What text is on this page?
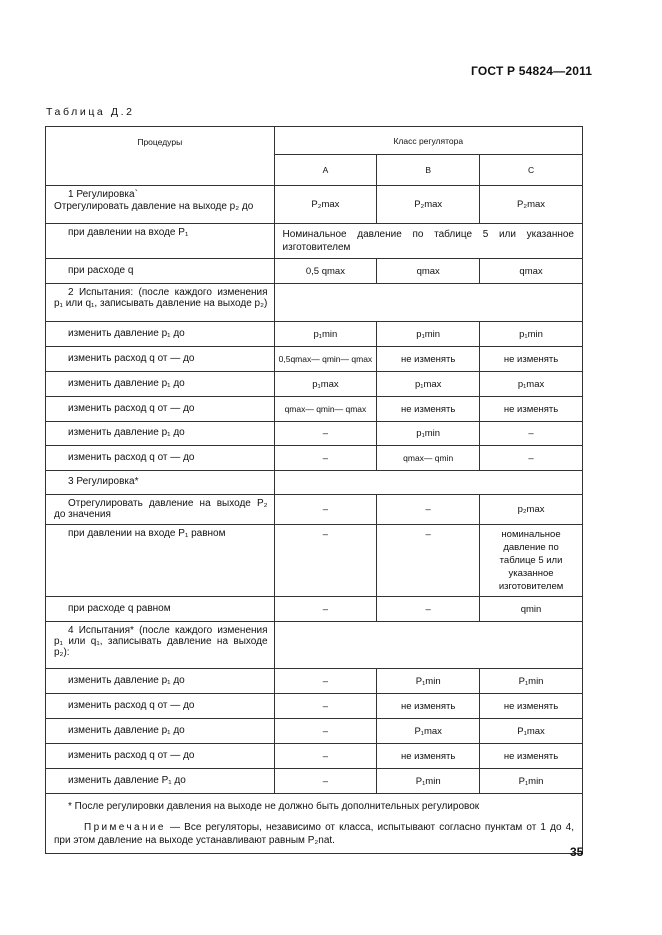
ГОСТ Р 54824—2011
Таблица Д.2
Процедуры	Класс регулятора		
	A	B	C

1 Регулировка`
Отрегулировать давление на выходе p₂ до	P₂max	P₂max	P₂max

при давлении на входе P₁	Номинальное давление по таблице 5 или указанное изготовителем		

при расходе q	0,5 qmax	qmax	qmax
2 Испытания: (после каждого изменения p₁ или q₁, записывать давление на выходе p₂)			

изменить давление p₁ до	p₁min	p₁min	p₁min

изменить расход q от — до	0,5qmax— qmin— qmax	не изменять	не изменять

изменить давление p₁ до	p₁max	p₁max	p₁max

изменить расход q от — до	qmax— qmin— qmax	не изменять	не изменять

изменить давление p₁ до	–	p₁min	–

изменить расход q от — до	–	qmax— qmin	–

3 Регулировка*			

Отрегулировать давление на выходе P₂ до значения	–	–	p₂max

при давлении на входе P₁ равном	–	–	номинальное давление по таблице 5 или указанное изготовителем

при расходе q равном	–	–	qmin
4 Испытания* (после каждого изменения p₁ или q₁, записывать давление на выходе p₂):			

изменить давление p₁ до	–	P₁min	P₁min

изменить расход q от — до	–	не изменять	не изменять

изменить давление p₁ до	–	P₁max	P₁max

изменить расход q от — до	–	не изменять	не изменять

изменить давление P₁ до	–	P₁min	P₁min

* После регулировки давления на выходе не должно быть дополнительных регулировок
Примечание — Все регуляторы, независимо от класса, испытывают согласно пунктам от 1 до 4, при этом давление на выходе устанавливают равным P₂nat.			
35
